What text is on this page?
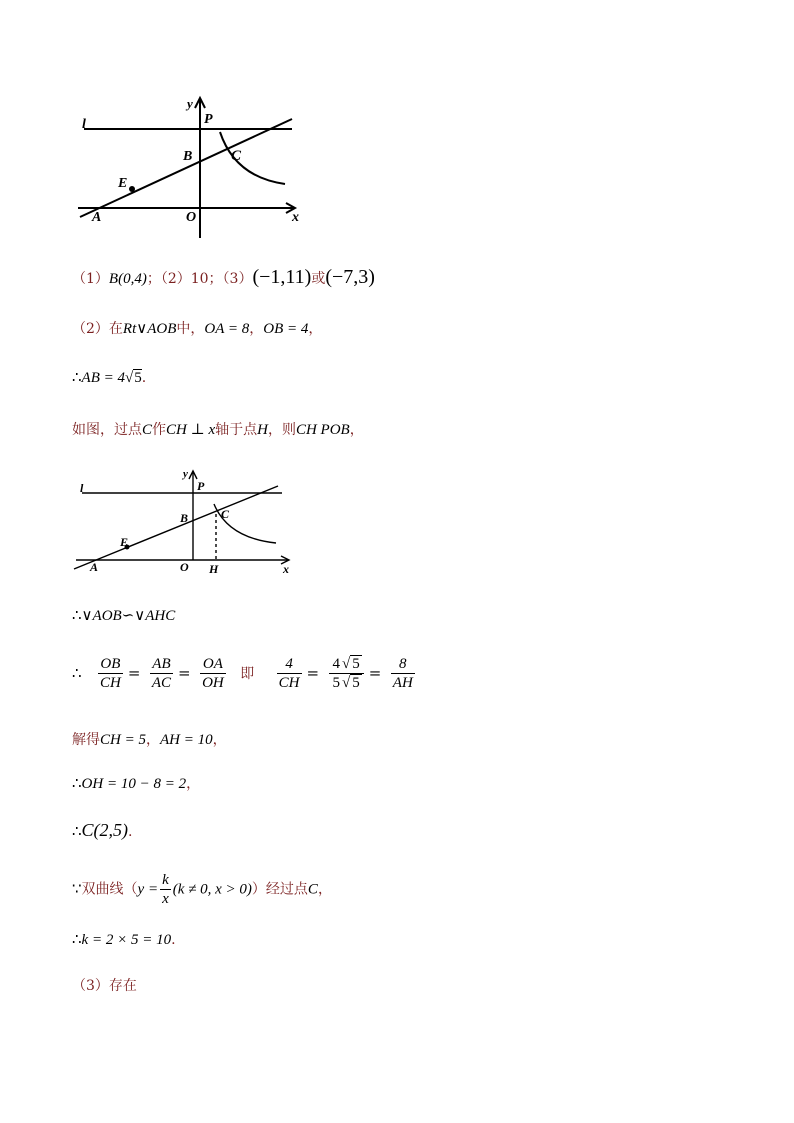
l
y
P
B	C
E
A	O	x
（1）B(0,4)；（2）10；（3）(−1,11)或(−7,3)
（2）在Rt∨AOB中，OA = 8，OB = 4，
∴AB = 4√5.
如图，过点C作CH ⊥ x轴于点H，则CH ΡOB，
l
y
P
B	C
E
A	O H	x
∴∨AOB∽∨AHC
∴ $\frac{OB}{CH} = \frac{AB}{AC} = \frac{OA}{OH}$ 即 $\frac{4}{CH} = \frac{4 √ 5}{5 √ 5} = \frac{8}{AH}$
解得CH = 5，AH = 10，
∴OH = 10 − 8 = 2，
∴C(2,5).
∵双曲线（$y = \frac{k}{x} (k \ne 0$, x > 0)）经过点C，
∴k = 2 × 5 = 10.
（3）存在
